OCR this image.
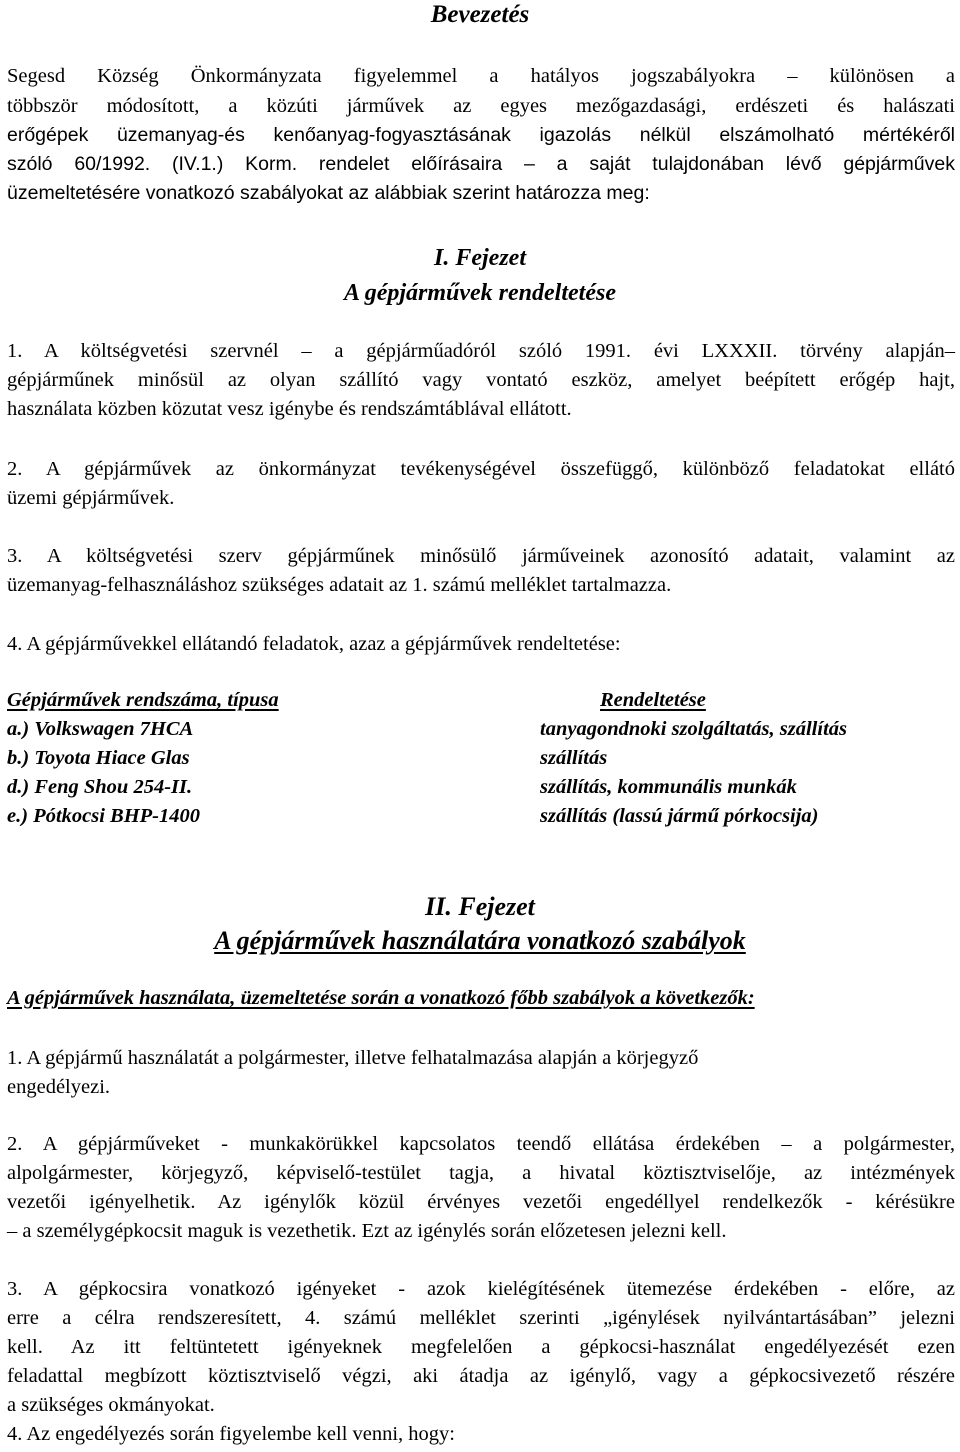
Bevezetés
Segesd Község Önkormányzata figyelemmel a hatályos jogszabályokra – különösen a
többször módosított, a közúti járművek az egyes mezőgazdasági, erdészeti és halászati
erőgépek üzemanyag-és kenőanyag-fogyasztásának igazolás nélkül elszámolható mértékéről
szóló 60/1992. (IV.1.) Korm. rendelet előírásaira – a saját tulajdonában lévő gépjárművek
üzemeltetésére vonatkozó szabályokat az alábbiak szerint határozza meg:
I. Fejezet
A gépjárművek rendeltetése
1. A költségvetési szervnél – a gépjárműadóról szóló 1991. évi LXXXII. törvény alapján–
gépjárműnek minősül az olyan szállító vagy vontató eszköz, amelyet beépített erőgép hajt,
használata közben közutat vesz igénybe és rendszámtáblával ellátott.
2. A gépjárművek az önkormányzat tevékenységével összefüggő, különböző feladatokat ellátó
üzemi gépjárművek.
3. A költségvetési szerv gépjárműnek minősülő járműveinek azonosító adatait, valamint az
üzemanyag-felhasználáshoz szükséges adatait az 1. számú melléklet tartalmazza.
4. A gépjárművekkel ellátandó feladatok, azaz a gépjárművek rendeltetése:
Gépjárművek rendszáma, típusa	Rendeltetése
a.) Volkswagen 7HCA	tanyagondnoki szolgáltatás, szállítás
b.) Toyota Hiace Glas	szállítás
d.) Feng Shou 254-II.	szállítás, kommunális munkák
e.) Pótkocsi BHP-1400	szállítás (lassú jármű pórkocsija)
II. Fejezet
A gépjárművek használatára vonatkozó szabályok
A gépjárművek használata, üzemeltetése során a vonatkozó főbb szabályok a következők:
1. A gépjármű használatát a polgármester, illetve felhatalmazása alapján a körjegyző
engedélyezi.
2. A gépjárműveket - munkakörükkel kapcsolatos teendő ellátása érdekében – a polgármester,
alpolgármester, körjegyző, képviselő-testület tagja, a hivatal köztisztviselője, az intézmények
vezetői igényelhetik. Az igénylők közül érvényes vezetői engedéllyel rendelkezők - kérésükre
– a személygépkocsit maguk is vezethetik. Ezt az igénylés során előzetesen jelezni kell.
3. A gépkocsira vonatkozó igényeket - azok kielégítésének ütemezése érdekében - előre, az
erre a célra rendszeresített, 4. számú melléklet szerinti „igénylések nyilvántartásában” jelezni
kell. Az itt feltüntetett igényeknek megfelelően a gépkocsi-használat engedélyezését ezen
feladattal megbízott köztisztviselő végzi, aki átadja az igénylő, vagy a gépkocsivezető részére
a szükséges okmányokat.
4. Az engedélyezés során figyelembe kell venni, hogy:
